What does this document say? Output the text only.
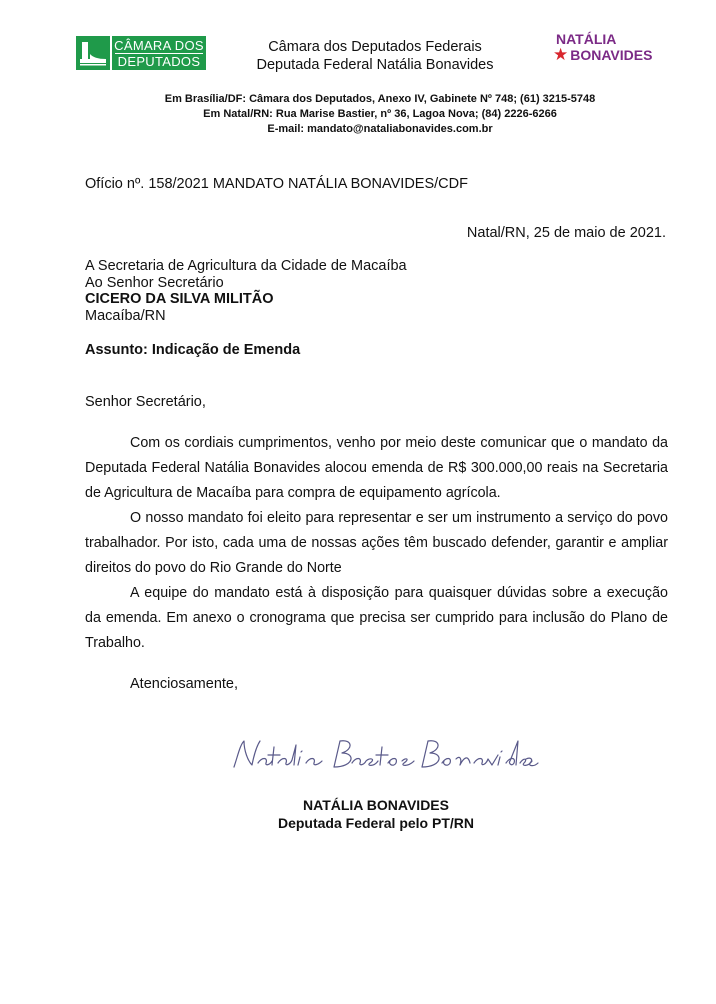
CÂMARA DOS
DEPUTADOS
Câmara dos Deputados Federais
Deputada Federal Natália Bonavides
NATÁLIA
★ BONAVIDES
Em Brasília/DF: Câmara dos Deputados, Anexo IV, Gabinete Nº 748; (61) 3215-5748
Em Natal/RN: Rua Marise Bastier, nº 36, Lagoa Nova; (84) 2226-6266
E-mail: mandato@nataliabonavides.com.br
Ofício nº. 158/2021 MANDATO NATÁLIA BONAVIDES/CDF
Natal/RN, 25 de maio de 2021.
A Secretaria de Agricultura da Cidade de Macaíba
Ao Senhor Secretário
CICERO DA SILVA MILITÃO
Macaíba/RN
Assunto: Indicação de Emenda
Senhor Secretário,

Com os cordiais cumprimentos, venho por meio deste comunicar que o mandato da Deputada Federal Natália Bonavides alocou emenda de R$ 300.000,00 reais na Secretaria de Agricultura de Macaíba para compra de equipamento agrícola.

O nosso mandato foi eleito para representar e ser um instrumento a serviço do povo trabalhador. Por isto, cada uma de nossas ações têm buscado defender, garantir e ampliar direitos do povo do Rio Grande do Norte

A equipe do mandato está à disposição para quaisquer dúvidas sobre a execução da emenda. Em anexo o cronograma que precisa ser cumprido para inclusão do Plano de Trabalho.

Atenciosamente,
NATÁLIA BONAVIDES
Deputada Federal pelo PT/RN
